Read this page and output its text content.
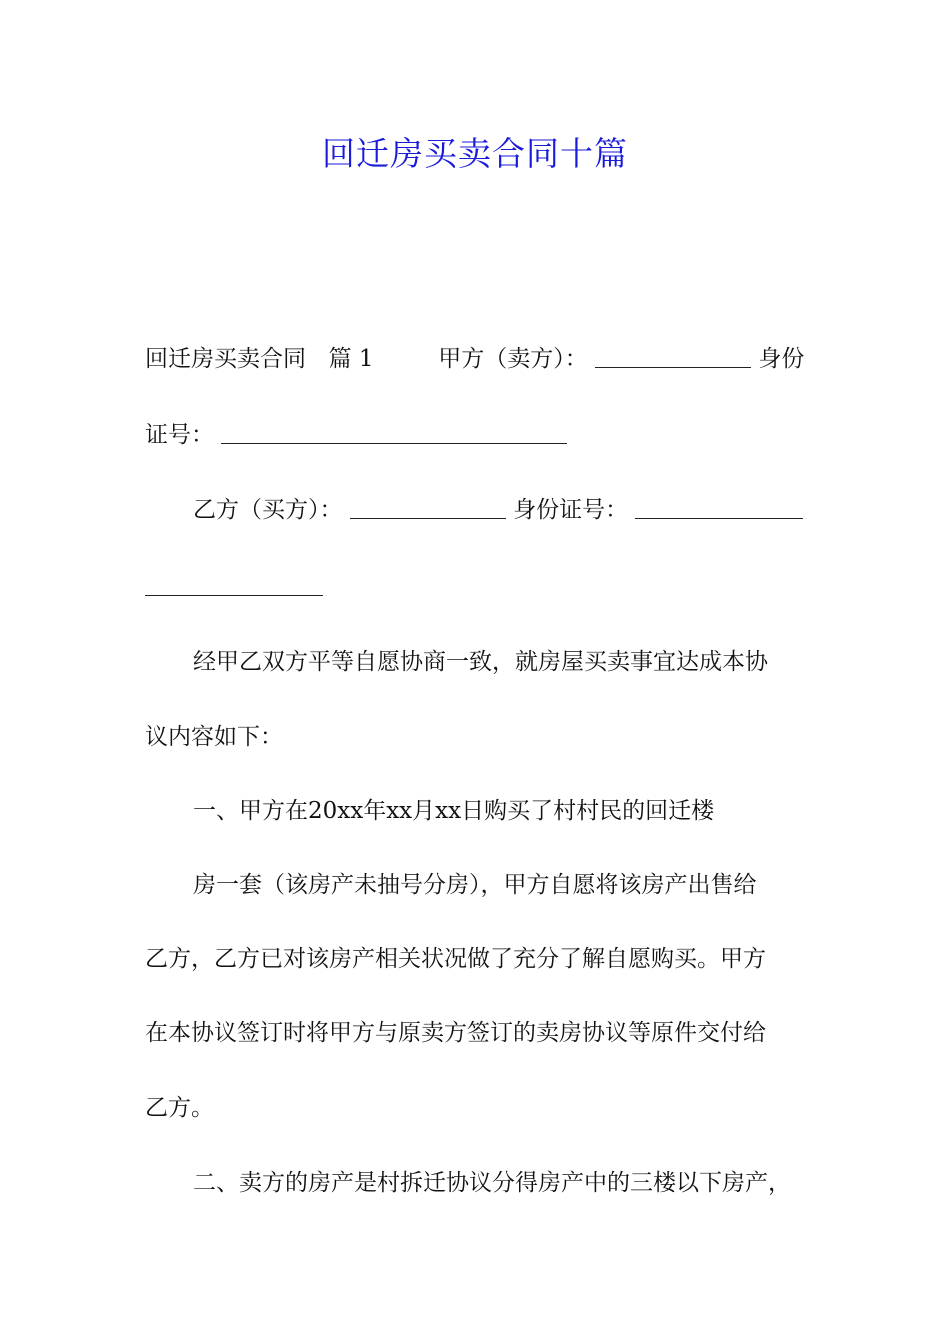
回迁房买卖合同十篇

回迁房买卖合同 篇 1	甲方（卖方）：	身份

证号：

乙方（买方）：	身份证号：

经甲乙双方平等自愿协商一致，就房屋买卖事宜达成本协

议内容如下：

一、甲方在20xx年xx月xx日购买了村村民的回迁楼

房一套（该房产未抽号分房），甲方自愿将该房产出售给

乙方，乙方已对该房产相关状况做了充分了解自愿购买。甲方

在本协议签订时将甲方与原卖方签订的卖房协议等原件交付给

乙方。

二、卖方的房产是村拆迁协议分得房产中的三楼以下房产，
